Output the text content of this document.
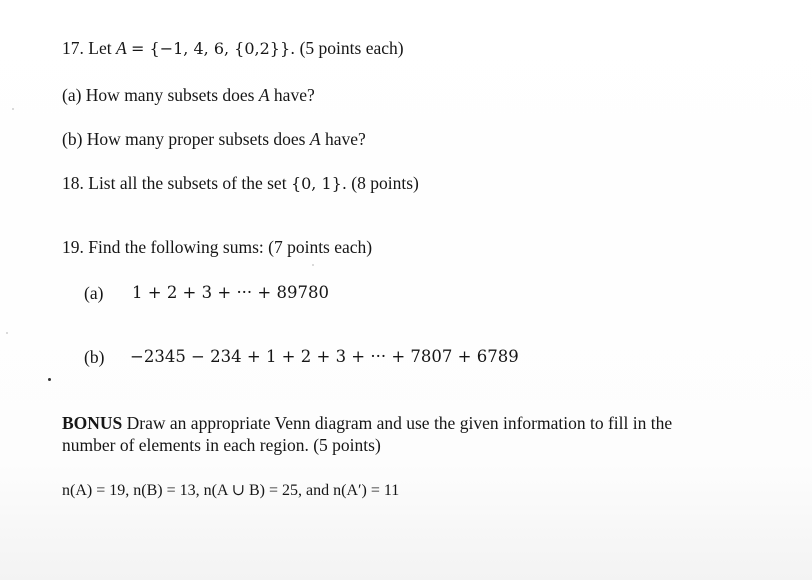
17. Let A = {−1, 4, 6, {0,2}}. (5 points each)
(a) How many subsets does A have?
(b) How many proper subsets does A have?
18. List all the subsets of the set {0, 1}. (8 points)
19. Find the following sums: (7 points each)
(a) 1 + 2 + 3 + ··· + 89780
(b) −2345 − 234 + 1 + 2 + 3 + ··· + 7807 + 6789
BONUS Draw an appropriate Venn diagram and use the given information to fill in the
number of elements in each region. (5 points)
n(A) = 19, n(B) = 13, n(A ∪ B) = 25, and n(A′) = 11
